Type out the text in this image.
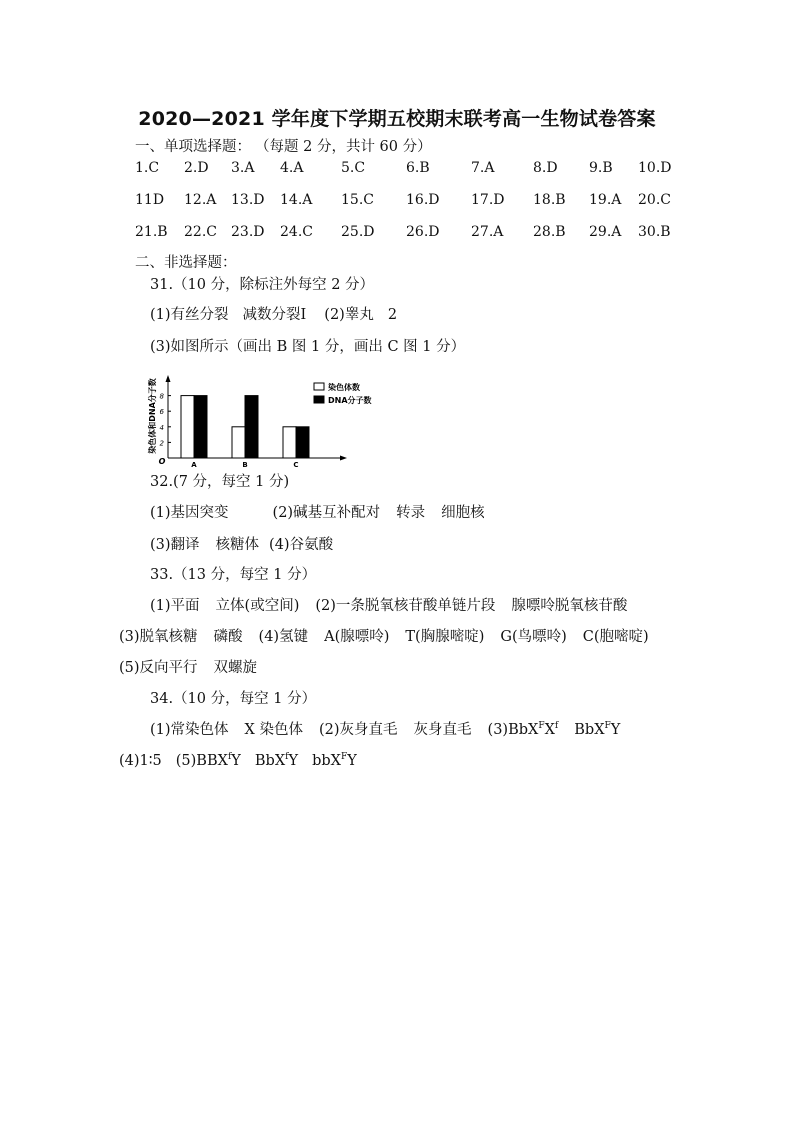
2020—2021 学年度下学期五校期末联考高一生物试卷答案
一、单项选择题： （每题 2 分，共计 60 分）
1.C 2.D 3.A 4.A	5.C	6.B	7.A	8.D 9.B 10.D
11D 12.A 13.D 14.A 15.C 16.D 17.D 18.B 19.A 20.C
21.B 22.C 23.D 24.C 25.D 26.D 27.A 28.B 29.A 30.B
二、非选择题：
31.（10 分，除标注外每空 2 分）
(1)有丝分裂 减数分裂Ⅰ (2)睾丸 2
(3)如图所示（画出 B 图 1 分，画出 C 图 1 分）
染色体和DNA分子数
O
8
6
4
2
A	B	C
染色体数
DNA分子数
32.(7 分，每空 1 分)
(1)基因突变	(2)碱基互补配对 转录 细胞核
(3)翻译 核糖体 (4)谷氨酸
33.（13 分，每空 1 分）
(1)平面 立体(或空间) (2)一条脱氧核苷酸单链片段 腺嘌呤脱氧核苷酸
(3)脱氧核糖 磷酸 (4)氢键 A(腺嘌呤) T(胸腺嘧啶) G(鸟嘌呤) C(胞嘧啶)
(5)反向平行 双螺旋
34.（10 分，每空 1 分）
(1)常染色体 X 染色体 (2)灰身直毛 灰身直毛 $(3)BbX^FX^f$ BbX$^F$Y
(4)1∶5 (5)BBX$^f$Y BbX$^f$Y bbX$^F$Y
